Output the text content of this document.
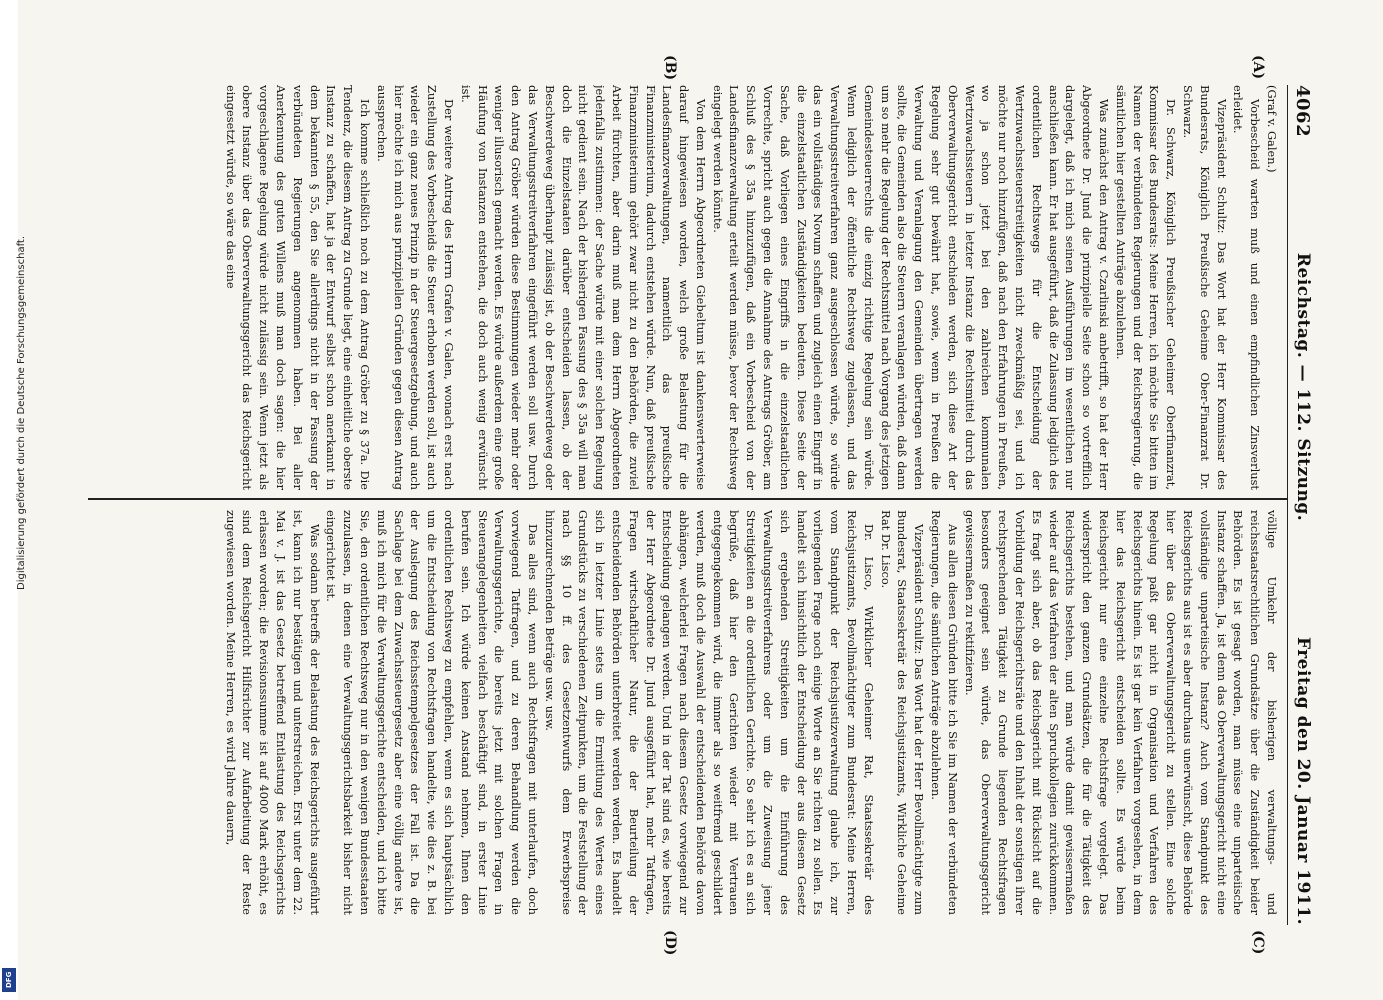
Digitalisierung gefördert durch die Deutsche Forschungsgemeinschaft.
DFG
4062
Reichstag. — 112. Sitzung.
Freitag den 20. Januar 1911.
(A)
(B)
(C)
(D)

(Graf v. Galen.)

Vorbescheid warten muß und einen empfindlichen Zinsverlust erleidet.

Vizepräsident Schultz: Das Wort hat der Herr Kommissar des Bundesrats, Königlich Preußische Geheime Ober-Finanzrat Dr. Schwarz.

Dr. Schwarz, Königlich Preußischer Geheimer Oberfinanzrat, Kommissar des Bundesrats: Meine Herren, ich möchte Sie bitten im Namen der verbündeten Regierungen und der Reichsregierung, die sämtlichen hier gestellten Anträge abzulehnen.

Was zunächst den Antrag v. Czarlinski anbetrifft, so hat der Herr Abgeordnete Dr. Jund die prinzipielle Seite schon so vortrefflich dargelegt, daß ich mich seinen Ausführungen im wesentlichen nur anschließen kann. Er hat ausgeführt, daß die Zulassung lediglich des ordentlichen Rechtswegs für die Entscheidung der Wertzuwachssteuerstreitigkeiten nicht zweckmäßig sei, und ich möchte nur noch hinzufügen, daß nach den Erfahrungen in Preußen, wo ja schon jetzt bei den zahlreichen kommunalen Wertzuwachssteuern in letzter Instanz die Rechtsmittel durch das Oberverwaltungsgericht entschieden werden, sich diese Art der Regelung sehr gut bewährt hat, sowie, wenn in Preußen die Verwaltung und Veranlagung den Gemeinden übertragen werden sollte, die Gemeinden also die Steuern veranlagen würden, daß dann um so mehr die Regelung der Rechtsmittel nach Vorgang des jetzigen Gemeindesteuerrechts die einzig richtige Regelung sein würde. Wenn lediglich der öffentliche Rechtsweg zugelassen, und das Verwaltungsstreitverfahren ganz ausgeschlossen würde, so würde das ein vollständiges Novum schaffen und zugleich einen Eingriff in die einzelstaatlichen Zuständigkeiten bedeuten. Diese Seite der Sache, daß Vorliegen eines Eingriffs in die einzelstaatlichen Vorrechte, spricht auch gegen die Annahme des Antrags Gröber, am Schluß des § 35a hinzuzufügen, daß ein Vorbescheid von der Landesfinanzverwaltung erteilt werden müsse, bevor der Rechtsweg eingelegt werden könnte.

Von dem Herrn Abgeordneten Giebeltum ist dankenswerterweise darauf hingewiesen worden, welch große Belastung für die Landesfinanzverwaltungen, namentlich das preußische Finanzministerium, dadurch entstehen würde. Nun, daß preußische Finanzministerium gehört zwar nicht zu den Behörden, die zuviel Arbeit fürchten, aber darin muß man dem Herrn Abgeordneten jedenfalls zustimmen: der Sache würde mit einer solchen Regelung nicht gedient sein. Nach der bisherigen Fassung des § 35a will man doch die Einzelstaaten darüber entscheiden lassen, ob der Beschwerdeweg überhaupt zulässig ist, ob der Beschwerdeweg oder das Verwaltungsstreitverfahren eingeführt werden soll usw. Durch den Antrag Gröber würden diese Bestimmungen wieder mehr oder weniger illusorisch gemacht werden. Es würde außerdem eine große Häufung von Instanzen entstehen, die doch auch wenig erwünscht ist.

Der weitere Antrag des Herrn Grafen v. Galen, wonach erst nach Zustellung des Vorbescheids die Steuer erhoben werden soll, ist auch wieder ein ganz neues Prinzip in der Steuergesetzgebung, und auch hier möchte ich mich aus prinzipiellen Gründen gegen diesen Antrag aussprechen.

Ich komme schließlich noch zu dem Antrag Gröber zu § 37a. Die Tendenz, die diesem Antrag zu Grunde liegt, eine einheitliche oberste Instanz zu schaffen, hat ja der Entwurf selbst schon anerkannt in dem bekannten § 55, den Sie allerdings nicht in der Fassung der verbündeten Regierungen angenommen haben. Bei aller Anerkennung des guten Willens muß man doch sagen: die hier vorgeschlagene Regelung würde nicht zulässig sein. Wenn jetzt als obere Instanz über das Oberverwaltungsgericht das Reichsgericht eingesetzt würde, so wäre das eine

völlige Umkehr der bisherigen verwaltungs- und reichsstaatsrechtlichen Grundsätze über die Zuständigkeit beider Behörden. Es ist gesagt worden, man müsse eine unparteiische Instanz schaffen. Ja, ist denn das Oberverwaltungsgericht nicht eine vollständige unparteiische Instanz? Auch vom Standpunkt des Reichsgerichts aus ist es aber durchaus unerwünscht, diese Behörde hier über das Oberverwaltungsgericht zu stellen. Eine solche Regelung paßt gar nicht in Organisation und Verfahren des Reichsgerichts hinein. Es ist gar kein Verfahren vorgesehen, in dem hier das Reichsgericht entscheiden sollte. Es würde beim Reichsgericht nur eine einzelne Rechtsfrage vorgelegt. Das widerspricht den ganzen Grundsätzen, die für die Tätigkeit des Reichsgerichts bestehen, und man würde damit gewissermaßen wieder auf das Verfahren der alten Spruchkollegien zurückkommen. Es fragt sich aber, ob das Reichsgericht mit Rücksicht auf die Vorbildung der Reichsgerichtsräte und den Inhalt der sonstigen ihrer rechtsprechenden Tätigkeit zu Grunde liegenden Rechtsfragen besonders geeignet sein würde, das Oberverwaltungsgericht gewissermaßen zu rektifizieren.

Aus allen diesen Gründen bitte ich Sie im Namen der verbündeten Regierungen, die sämtlichen Anträge abzulehnen.

Vizepräsident Schultz: Das Wort hat der Herr Bevollmächtigte zum Bundesrat, Staatssekretär des Reichsjustizamts, Wirkliche Geheime Rat Dr. Lisco.

Dr. Lisco, Wirklicher Geheimer Rat, Staatssekretär des Reichsjustizamts, Bevollmächtigter zum Bundesrat: Meine Herren, vom Standpunkt der Reichsjustizverwaltung glaube ich, zur vorliegenden Frage noch einige Worte an Sie richten zu sollen. Es handelt sich hinsichtlich der Entscheidung der aus diesem Gesetz sich ergebenden Streitigkeiten um die Einführung des Verwaltungsstreitverfahrens oder um die Zuweisung jener Streitigkeiten an die ordentlichen Gerichte. So sehr ich es an sich begrüße, daß hier den Gerichten wieder mit Vertrauen entgegengekommen wird, die immer als so weitfremd geschildert werden, muß doch die Auswahl der entscheidenden Behörde davon abhängen, welcherlei Fragen nach diesem Gesetz vorwiegend zur Entscheidung gelangen werden. Und in der Tat sind es, wie bereits der Herr Abgeordnete Dr. Jund ausgeführt hat, mehr Tatfragen, Fragen wirtschaftlicher Natur, die der Beurteilung der entscheidenden Behörden unterbreitet werden werden. Es handelt sich in letzter Linie stets um die Ermittlung des Wertes eines Grundstücks zu verschiedenen Zeitpunkten, um die Feststellung der nach §§ 10 ff. des Gesetzentwurfs dem Erwerbspreise hinzuzurechnenden Beträge usw. usw.

Das alles sind, wenn auch Rechtsfragen mit unterlaufen, doch vorwiegend Tatfragen, und zu deren Behandlung werden die Verwaltungsgerichte, die bereits jetzt mit solchen Fragen in Steuerangelegenheiten vielfach beschäftigt sind, in erster Linie berufen sein. Ich würde keinen Anstand nehmen, Ihnen den ordentlichen Rechtsweg zu empfehlen, wenn es sich hauptsächlich um die Entscheidung von Rechtsfragen handelte, wie dies z. B. bei der Auslegung des Reichsstempelgesetzes der Fall ist. Da die Sachlage bei dem Zuwachssteuergesetz aber eine völlig andere ist, muß ich mich für die Verwaltungsgerichte entscheiden, und ich bitte Sie, den ordentlichen Rechtsweg nur in den wenigen Bundesstaaten zuzulassen, in denen eine Verwaltungsgerichtsbarkeit bisher nicht eingerichtet ist.

Was sodann betreffs der Belastung des Reichsgerichts ausgeführt ist, kann ich nur bestätigen und unterstreichen. Erst unter dem 22. Mai v. J. ist das Gesetz betreffend Entlastung des Reichsgerichts erlassen worden; die Revisionssumme ist auf 4000 Mark erhöht, es sind dem Reichsgericht Hilfsrichter zur Aufarbeitung der Reste zugewiesen worden. Meine Herren, es wird Jahre dauern,
